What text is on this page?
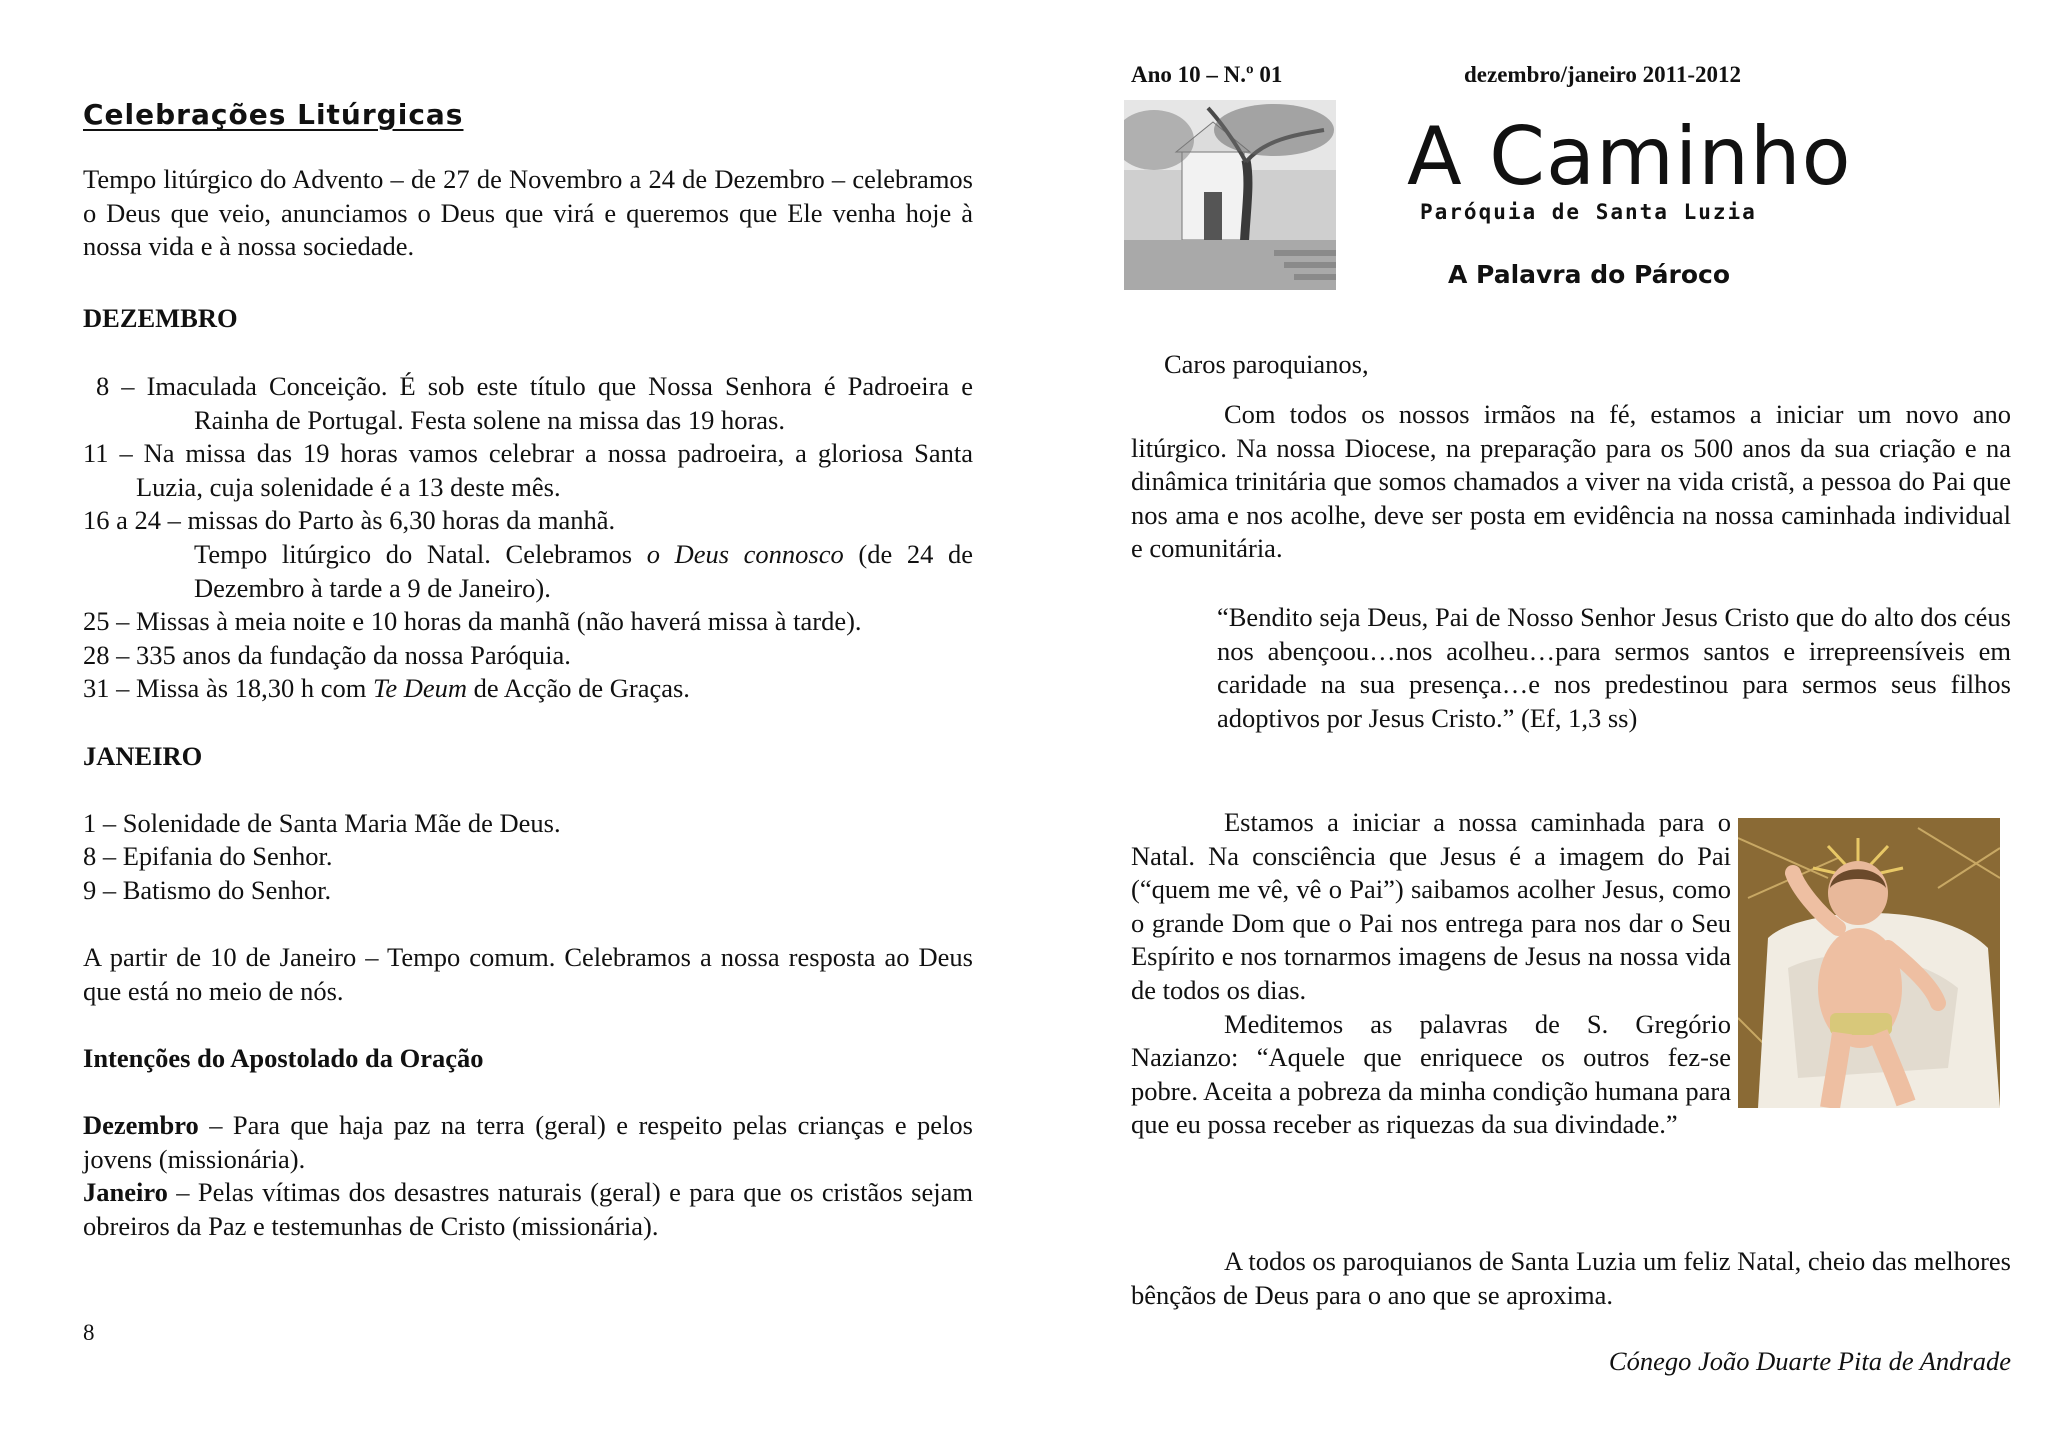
Celebrações Litúrgicas
Tempo litúrgico do Advento – de 27 de Novembro a 24 de Dezembro – celebramos o Deus que veio, anunciamos o Deus que virá e queremos que Ele venha hoje à nossa vida e à nossa sociedade.
DEZEMBRO
8 – Imaculada Conceição. É sob este título que Nossa Senhora é Padroeira e Rainha de Portugal. Festa solene na missa das 19 horas.
11 – Na missa das 19 horas vamos celebrar a nossa padroeira, a gloriosa Santa Luzia, cuja solenidade é a 13 deste mês.
16 a 24 – missas do Parto às 6,30 horas da manhã.
Tempo litúrgico do Natal. Celebramos o Deus connosco (de 24 de Dezembro à tarde a 9 de Janeiro).
25 – Missas à meia noite e 10 horas da manhã (não haverá missa à tarde).
28 – 335 anos da fundação da nossa Paróquia.
31 – Missa às 18,30 h com Te Deum de Acção de Graças.
JANEIRO
1 – Solenidade de Santa Maria Mãe de Deus.
8 – Epifania do Senhor.
9 – Batismo do Senhor.
A partir de 10 de Janeiro – Tempo comum. Celebramos a nossa resposta ao Deus que está no meio de nós.
Intenções do Apostolado da Oração
Dezembro – Para que haja paz na terra (geral) e respeito pelas crianças e pelos jovens (missionária).
Janeiro – Pelas vítimas dos desastres naturais (geral) e para que os cristãos sejam obreiros da Paz e testemunhas de Cristo (missionária).
8
Ano 10 – N.º 01	dezembro/janeiro 2011-2012
A Caminho
Paróquia de Santa Luzia
A Palavra do Pároco
Caros paroquianos,
Com todos os nossos irmãos na fé, estamos a iniciar um novo ano litúrgico. Na nossa Diocese, na preparação para os 500 anos da sua criação e na dinâmica trinitária que somos chamados a viver na vida cristã, a pessoa do Pai que nos ama e nos acolhe, deve ser posta em evidência na nossa caminhada individual e comunitária.
“Bendito seja Deus, Pai de Nosso Senhor Jesus Cristo que do alto dos céus nos abençoou…nos acolheu…para sermos santos e irrepreensíveis em caridade na sua presença…e nos predestinou para sermos seus filhos adoptivos por Jesus Cristo.” (Ef, 1,3 ss)
Estamos a iniciar a nossa caminhada para o Natal. Na consciência que Jesus é a imagem do Pai (“quem me vê, vê o Pai”) saibamos acolher Jesus, como o grande Dom que o Pai nos entrega para nos dar o Seu Espírito e nos tornarmos imagens de Jesus na nossa vida de todos os dias.
Meditemos as palavras de S. Gregório Nazianzo: “Aquele que enriquece os outros fez-se pobre. Aceita a pobreza da minha condição humana para que eu possa receber as riquezas da sua divindade.”
A todos os paroquianos de Santa Luzia um feliz Natal, cheio das melhores bênçãos de Deus para o ano que se aproxima.
Cónego João Duarte Pita de Andrade
